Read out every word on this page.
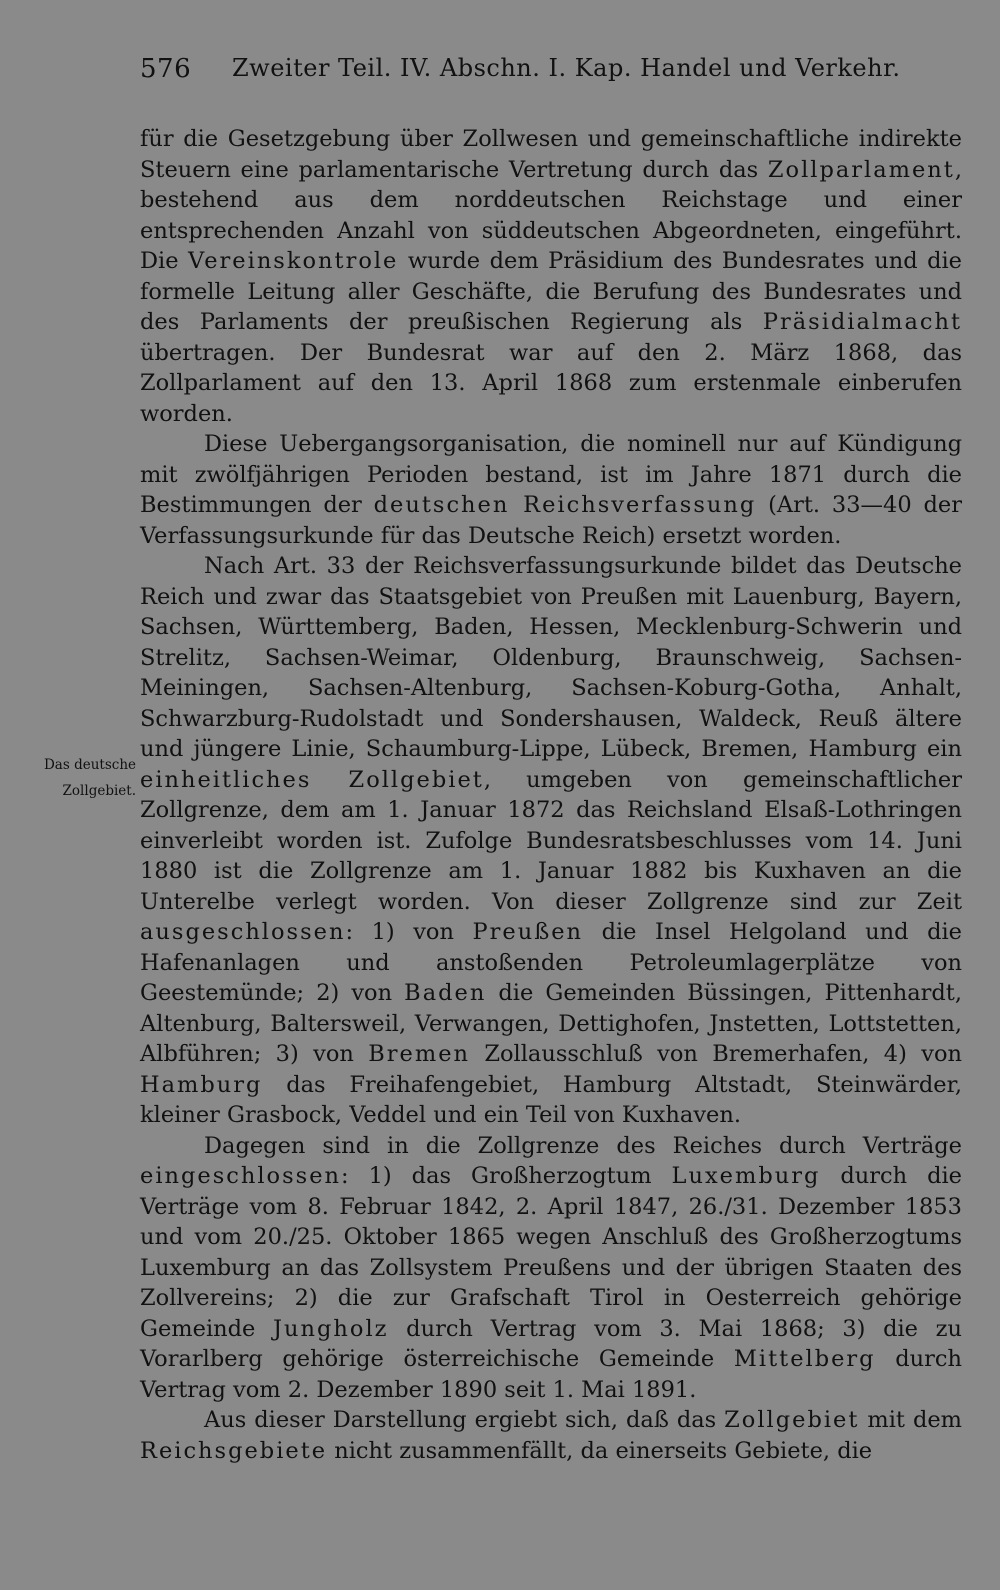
576 Zweiter Teil. IV. Abschn. I. Kap. Handel und Verkehr.
Das deutsche
Zollgebiet.

für die Gesetzgebung über Zollwesen und gemeinschaftliche indirekte Steuern eine parlamentarische Vertretung durch das Zollparlament, bestehend aus dem norddeutschen Reichstage und einer entsprechenden Anzahl von süddeutschen Abgeordneten, eingeführt. Die Vereinskontrole wurde dem Präsidium des Bundesrates und die formelle Leitung aller Geschäfte, die Berufung des Bundesrates und des Parlaments der preußischen Regierung als Präsidialmacht übertragen. Der Bundesrat war auf den 2. März 1868, das Zollparlament auf den 13. April 1868 zum erstenmale einberufen worden.

Diese Uebergangsorganisation, die nominell nur auf Kündigung mit zwölfjährigen Perioden bestand, ist im Jahre 1871 durch die Bestimmungen der deutschen Reichsverfassung (Art. 33—40 der Verfassungsurkunde für das Deutsche Reich) ersetzt worden.

Nach Art. 33 der Reichsverfassungsurkunde bildet das Deutsche Reich und zwar das Staatsgebiet von Preußen mit Lauenburg, Bayern, Sachsen, Württemberg, Baden, Hessen, Mecklenburg-Schwerin und Strelitz, Sachsen-Weimar, Oldenburg, Braunschweig, Sachsen-Meiningen, Sachsen-Altenburg, Sachsen-Koburg-Gotha, Anhalt, Schwarzburg-Rudolstadt und Sondershausen, Waldeck, Reuß ältere und jüngere Linie, Schaumburg-Lippe, Lübeck, Bremen, Hamburg ein einheitliches Zollgebiet, umgeben von gemeinschaftlicher Zollgrenze, dem am 1. Januar 1872 das Reichsland Elsaß-Lothringen einverleibt worden ist. Zufolge Bundesratsbeschlusses vom 14. Juni 1880 ist die Zollgrenze am 1. Januar 1882 bis Kuxhaven an die Unterelbe verlegt worden. Von dieser Zollgrenze sind zur Zeit ausgeschlossen: 1) von Preußen die Insel Helgoland und die Hafenanlagen und anstoßenden Petroleumlagerplätze von Geestemünde; 2) von Baden die Gemeinden Büssingen, Pittenhardt, Altenburg, Balterswеil, Verwangen, Dettighofen, Jnstetten, Lottstetten, Albführen; 3) von Bremen Zollausschluß von Bremerhafen, 4) von Hamburg das Freihafengebiet, Hamburg Altstadt, Steinwärder, kleiner Grasbock, Veddel und ein Teil von Kuxhaven.

Dagegen sind in die Zollgrenze des Reiches durch Verträge eingeschlossen: 1) das Großherzogtum Luxemburg durch die Verträge vom 8. Februar 1842, 2. April 1847, 26./31. Dezember 1853 und vom 20./25. Oktober 1865 wegen Anschluß des Großherzogtums Luxemburg an das Zollsystem Preußens und der übrigen Staaten des Zollvereins; 2) die zur Grafschaft Tirol in Oesterreich gehörige Gemeinde Jungholz durch Vertrag vom 3. Mai 1868; 3) die zu Vorarlberg gehörige österreichische Gemeinde Mittelberg durch Vertrag vom 2. Dezember 1890 seit 1. Mai 1891.

Aus dieser Darstellung ergiebt sich, daß das Zollgebiet mit dem Reichsgebiete nicht zusammenfällt, da einerseits Gebiete, die
